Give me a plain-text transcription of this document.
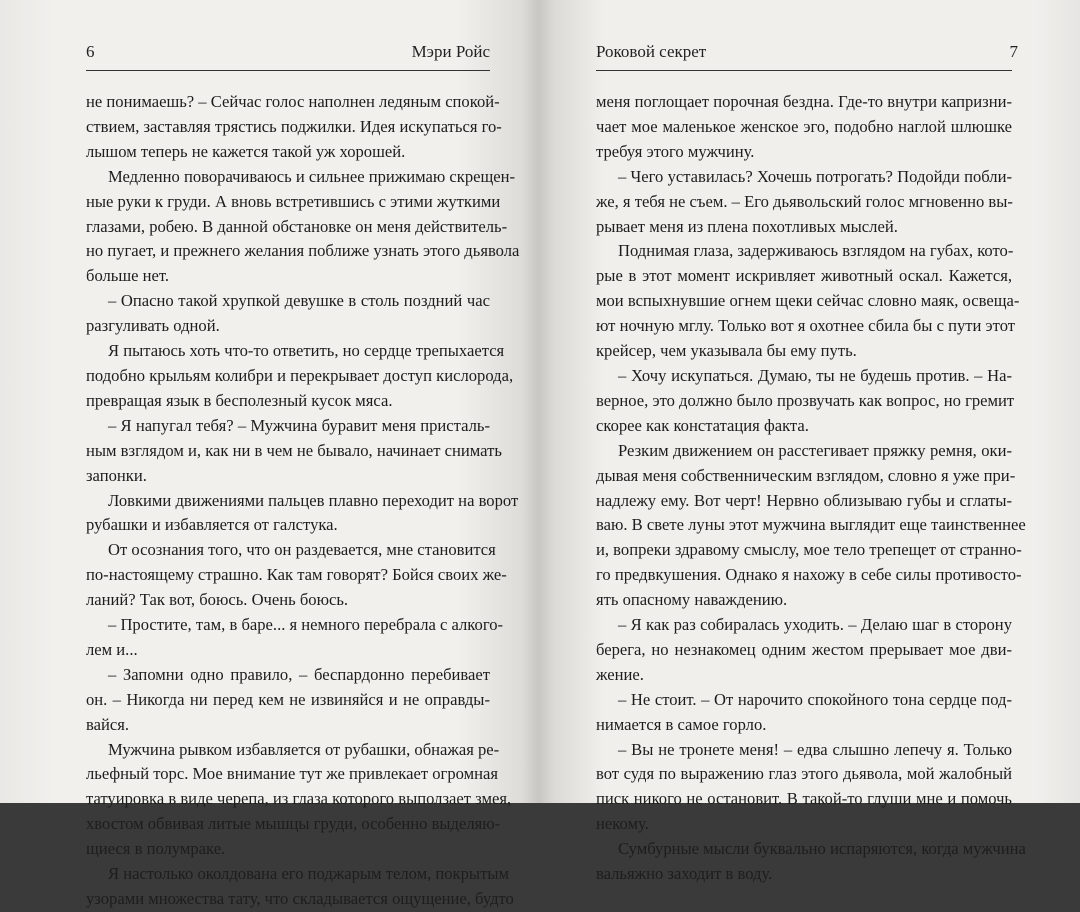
6	Мэри Ройс
не понимаешь? – Сейчас голос наполнен ледяным спокой-
ствием, заставляя трястись поджилки. Идея искупаться го-
лышом теперь не кажется такой уж хорошей.
Медленно поворачиваюсь и сильнее прижимаю скрещен-
ные руки к груди. А вновь встретившись с этими жуткими
глазами, робею. В данной обстановке он меня действитель-
но пугает, и прежнего желания поближе узнать этого дьявола
больше нет.
– Опасно такой хрупкой девушке в столь поздний час
разгуливать одной.
Я пытаюсь хоть что-то ответить, но сердце трепыхается
подобно крыльям колибри и перекрывает доступ кислорода,
превращая язык в бесполезный кусок мяса.
– Я напугал тебя? – Мужчина буравит меня присталь-
ным взглядом и, как ни в чем не бывало, начинает снимать
запонки.
Ловкими движениями пальцев плавно переходит на ворот
рубашки и избавляется от галстука.
От осознания того, что он раздевается, мне становится
по-настоящему страшно. Как там говорят? Бойся своих же-
ланий? Так вот, боюсь. Очень боюсь.
– Простите, там, в баре... я немного перебрала с алкого-
лем и...
– Запомни одно правило, – беспардонно перебивает
он. – Никогда ни перед кем не извиняйся и не оправды-
вайся.
Мужчина рывком избавляется от рубашки, обнажая ре-
льефный торс. Мое внимание тут же привлекает огромная
татуировка в виде черепа, из глаза которого выползает змея,
хвостом обвивая литые мышцы груди, особенно выделяю-
щиеся в полумраке.
Я настолько околдована его поджарым телом, покрытым
узорами множества тату, что складывается ощущение, будто
Роковой секрет	7
меня поглощает порочная бездна. Где-то внутри капризни-
чает мое маленькое женское эго, подобно наглой шлюшке
требуя этого мужчину.
– Чего уставилась? Хочешь потрогать? Подойди побли-
же, я тебя не съем. – Его дьявольский голос мгновенно вы-
рывает меня из плена похотливых мыслей.
Поднимая глаза, задерживаюсь взглядом на губах, кото-
рые в этот момент искривляет животный оскал. Кажется,
мои вспыхнувшие огнем щеки сейчас словно маяк, освеща-
ют ночную мглу. Только вот я охотнее сбила бы с пути этот
крейсер, чем указывала бы ему путь.
– Хочу искупаться. Думаю, ты не будешь против. – На-
верное, это должно было прозвучать как вопрос, но гремит
скорее как констатация факта.
Резким движением он расстегивает пряжку ремня, оки-
дывая меня собственническим взглядом, словно я уже при-
надлежу ему. Вот черт! Нервно облизываю губы и сглаты-
ваю. В свете луны этот мужчина выглядит еще таинственнее
и, вопреки здравому смыслу, мое тело трепещет от странно-
го предвкушения. Однако я нахожу в себе силы противосто-
ять опасному наваждению.
– Я как раз собиралась уходить. – Делаю шаг в сторону
берега, но незнакомец одним жестом прерывает мое дви-
жение.
– Не стоит. – От нарочито спокойного тона сердце под-
нимается в самое горло.
– Вы не тронете меня! – едва слышно лепечу я. Только
вот судя по выражению глаз этого дьявола, мой жалобный
писк никого не остановит. В такой-то глуши мне и помочь
некому.
Сумбурные мысли буквально испаряются, когда мужчина
вальяжно заходит в воду.
